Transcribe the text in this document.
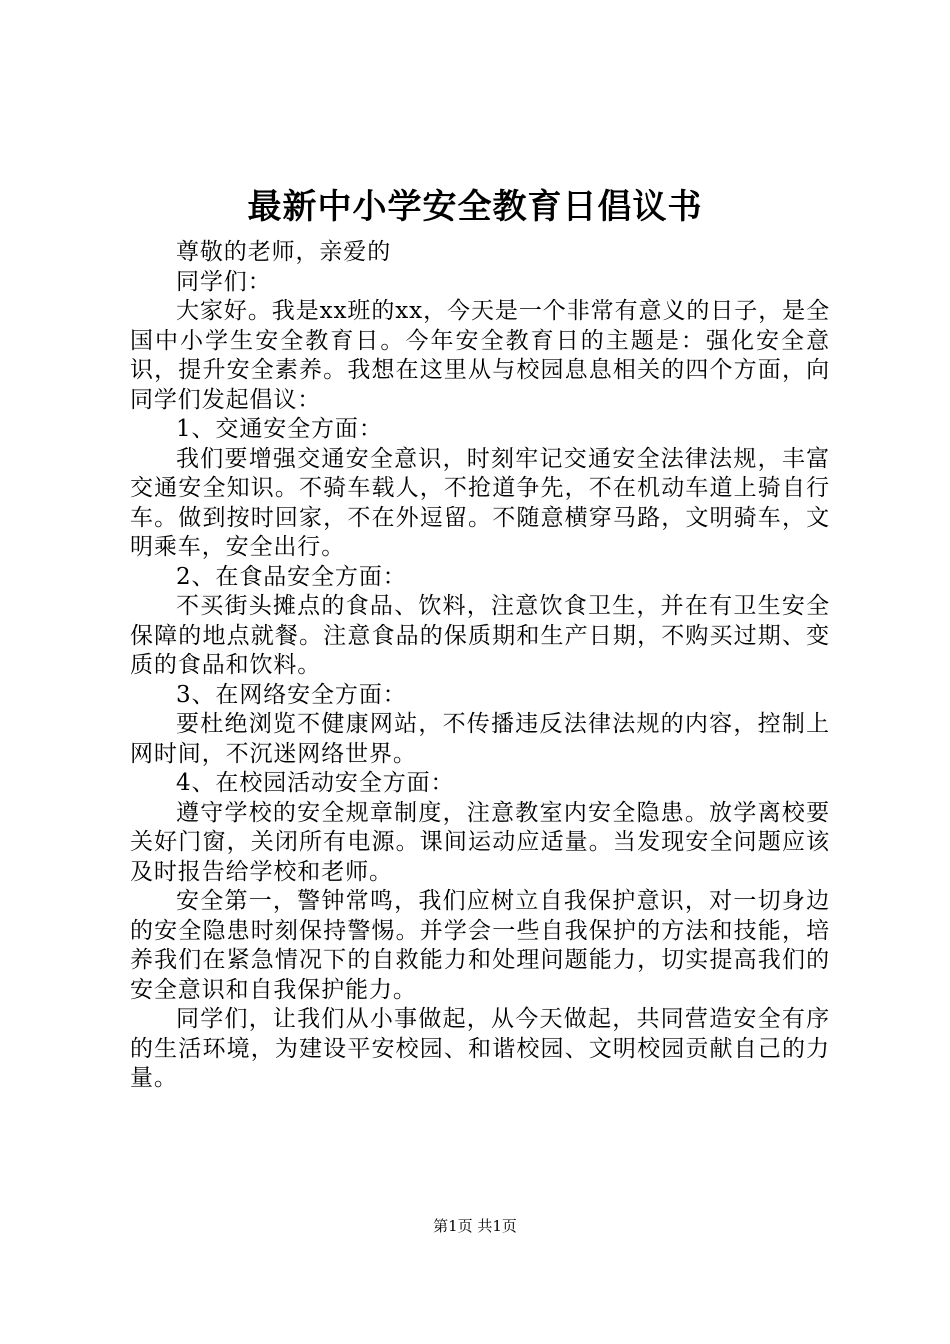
最新中小学安全教育日倡议书

尊敬的老师，亲爱的

同学们：

大家好。我是xx班的xx，今天是一个非常有意义的日子，是全国中小学生安全教育日。今年安全教育日的主题是：强化安全意识，提升安全素养。我想在这里从与校园息息相关的四个方面，向同学们发起倡议：

1、交通安全方面：

我们要增强交通安全意识，时刻牢记交通安全法律法规，丰富交通安全知识。不骑车载人，不抢道争先，不在机动车道上骑自行车。做到按时回家，不在外逗留。不随意横穿马路，文明骑车，文明乘车，安全出行。

2、在食品安全方面：

不买街头摊点的食品、饮料，注意饮食卫生，并在有卫生安全保障的地点就餐。注意食品的保质期和生产日期，不购买过期、变质的食品和饮料。

3、在网络安全方面：

要杜绝浏览不健康网站，不传播违反法律法规的内容，控制上网时间，不沉迷网络世界。

4、在校园活动安全方面：

遵守学校的安全规章制度，注意教室内安全隐患。放学离校要关好门窗，关闭所有电源。课间运动应适量。当发现安全问题应该及时报告给学校和老师。

安全第一，警钟常鸣，我们应树立自我保护意识，对一切身边的安全隐患时刻保持警惕。并学会一些自我保护的方法和技能，培养我们在紧急情况下的自救能力和处理问题能力，切实提高我们的安全意识和自我保护能力。

同学们，让我们从小事做起，从今天做起，共同营造安全有序的生活环境，为建设平安校园、和谐校园、文明校园贡献自己的力量。

第1页 共1页
